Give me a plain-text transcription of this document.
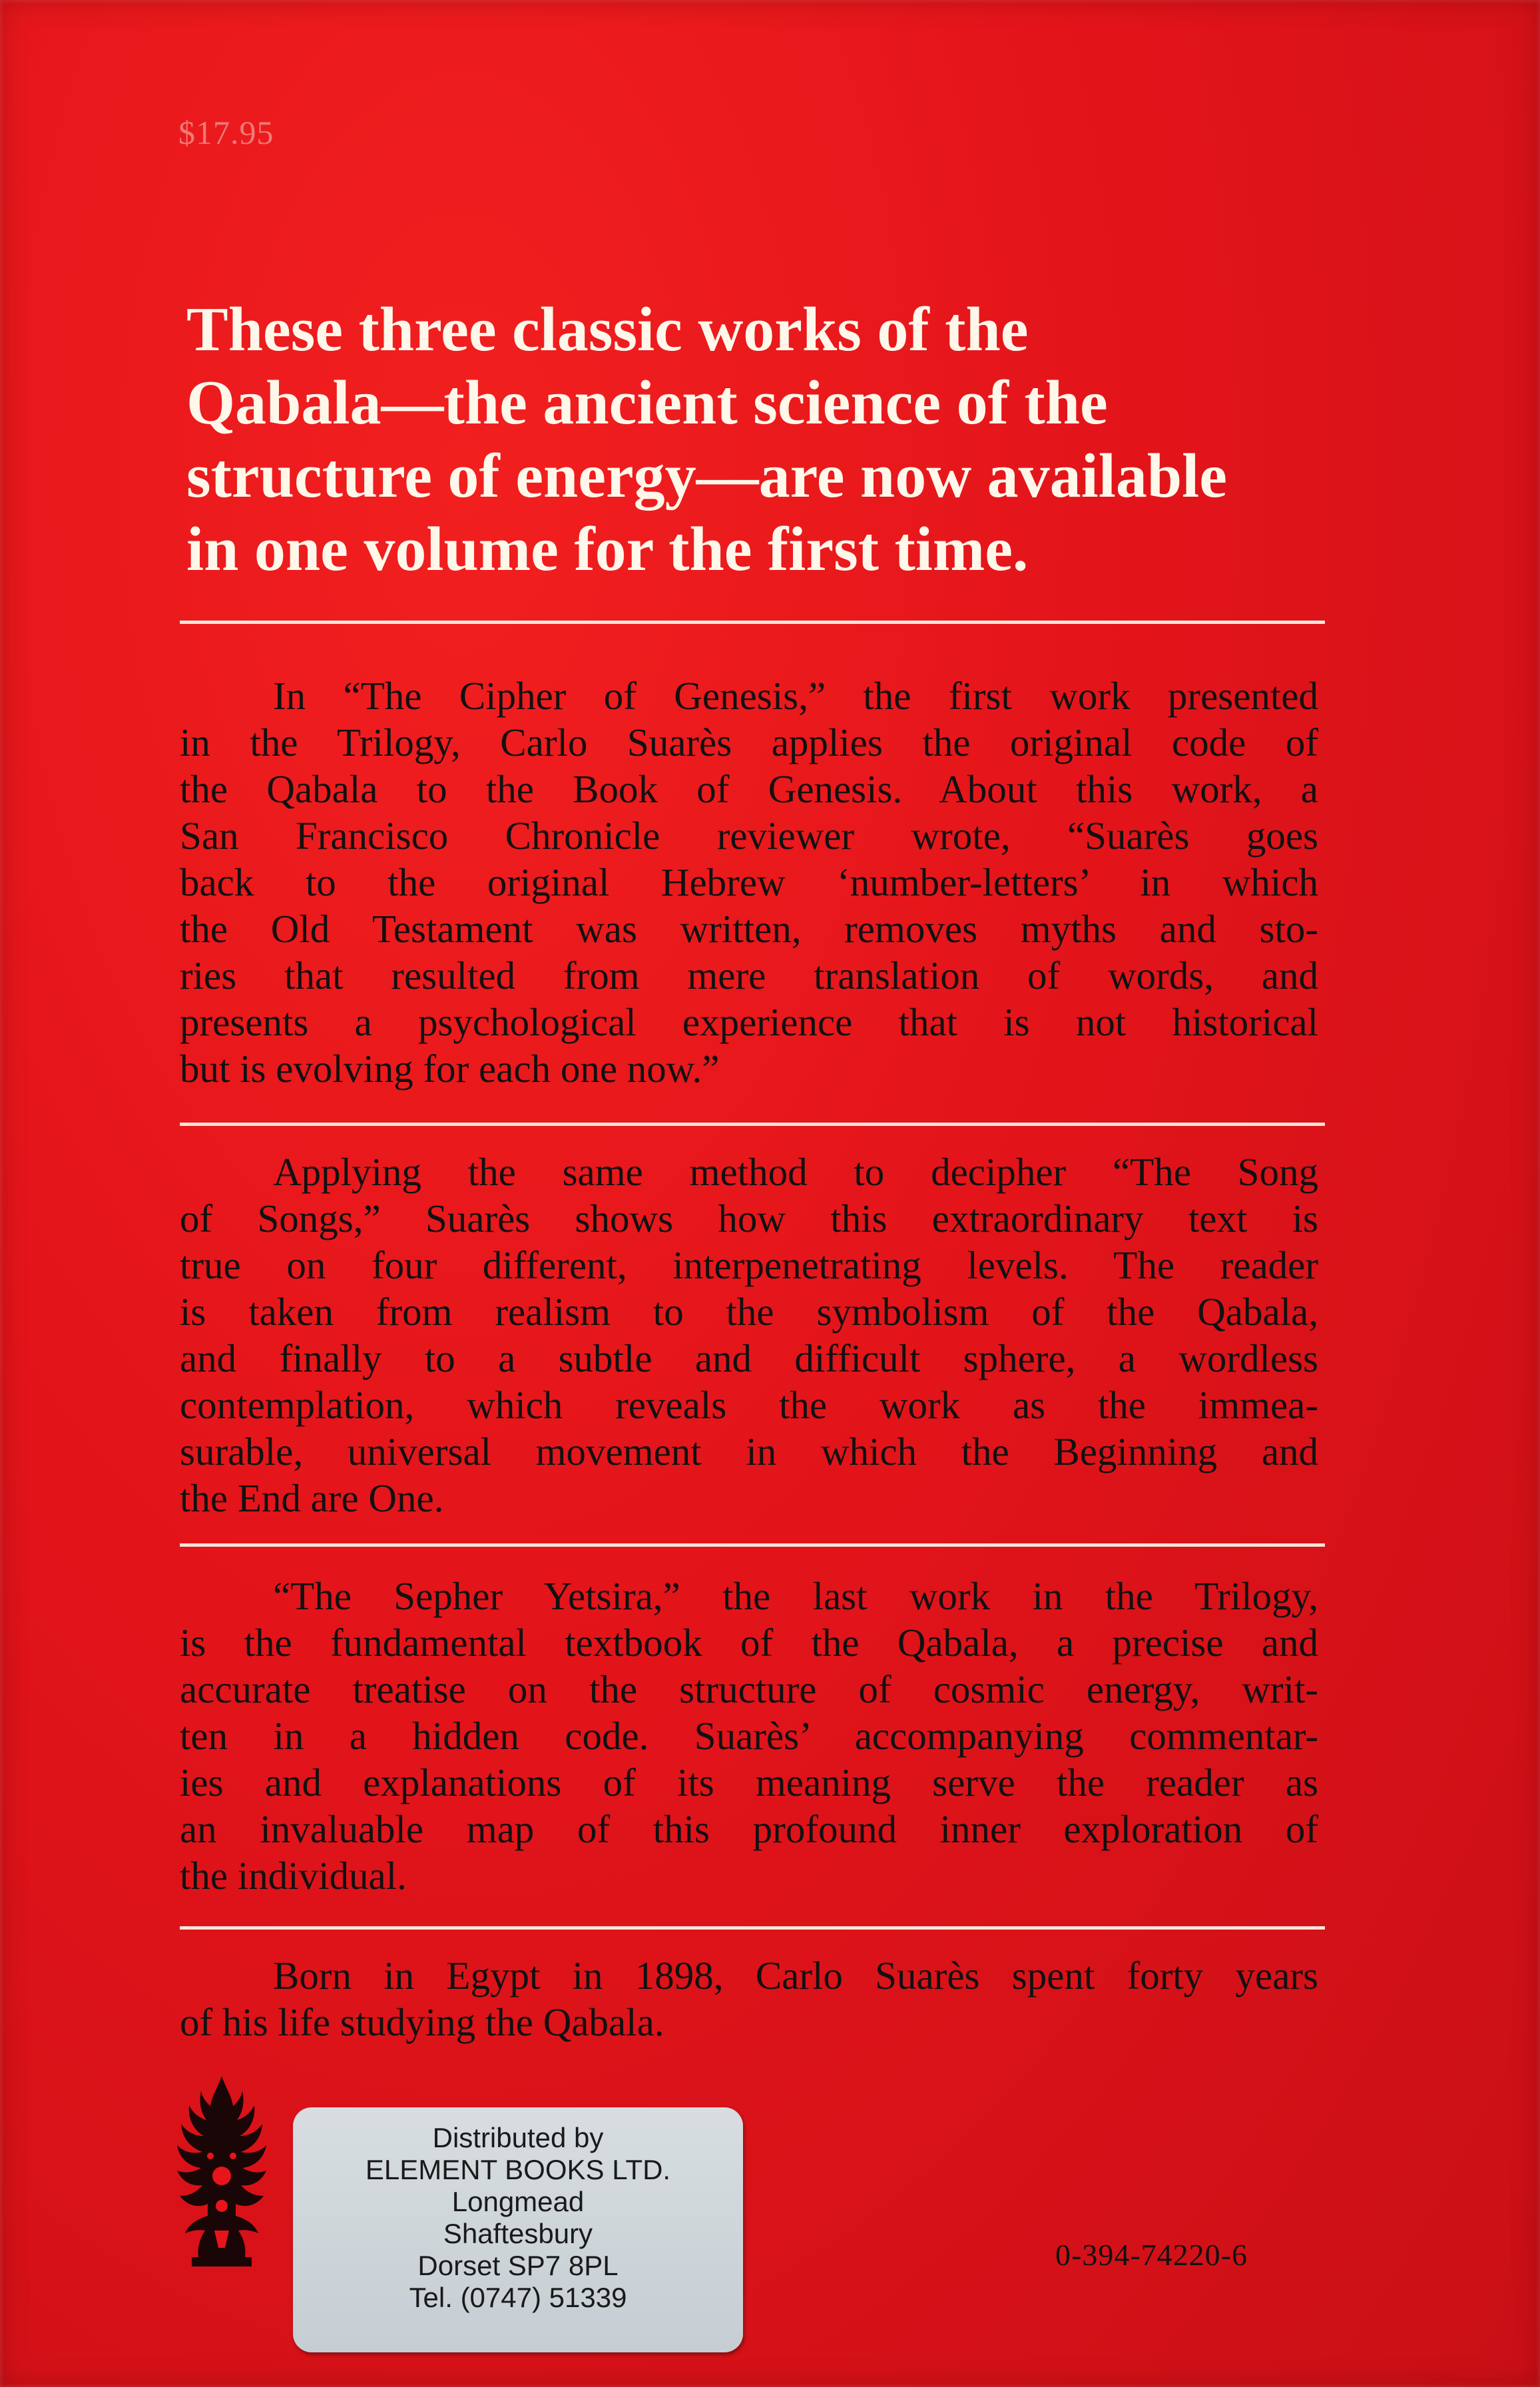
$17.95
These three classic works of the
Qabala—the ancient science of the
structure of energy—are now available
in one volume for the first time.
In “The Cipher of Genesis,” the first work presented
in the Trilogy, Carlo Suarès applies the original code of
the Qabala to the Book of Genesis. About this work, a
San Francisco Chronicle reviewer wrote, “Suarès goes
back to the original Hebrew ‘number-letters’ in which
the Old Testament was written, removes myths and sto-
ries that resulted from mere translation of words, and
presents a psychological experience that is not historical
but is evolving for each one now.”
Applying the same method to decipher “The Song
of Songs,” Suarès shows how this extraordinary text is
true on four different, interpenetrating levels. The reader
is taken from realism to the symbolism of the Qabala,
and finally to a subtle and difficult sphere, a wordless
contemplation, which reveals the work as the immea-
surable, universal movement in which the Beginning and
the End are One.
“The Sepher Yetsira,” the last work in the Trilogy,
is the fundamental textbook of the Qabala, a precise and
accurate treatise on the structure of cosmic energy, writ-
ten in a hidden code. Suarès’ accompanying commentar-
ies and explanations of its meaning serve the reader as
an invaluable map of this profound inner exploration of
the individual.
Born in Egypt in 1898, Carlo Suarès spent forty years
of his life studying the Qabala.
Distributed by
ELEMENT BOOKS LTD.
Longmead
Shaftesbury
Dorset SP7 8PL
Tel. (0747) 51339
0-394-74220-6
